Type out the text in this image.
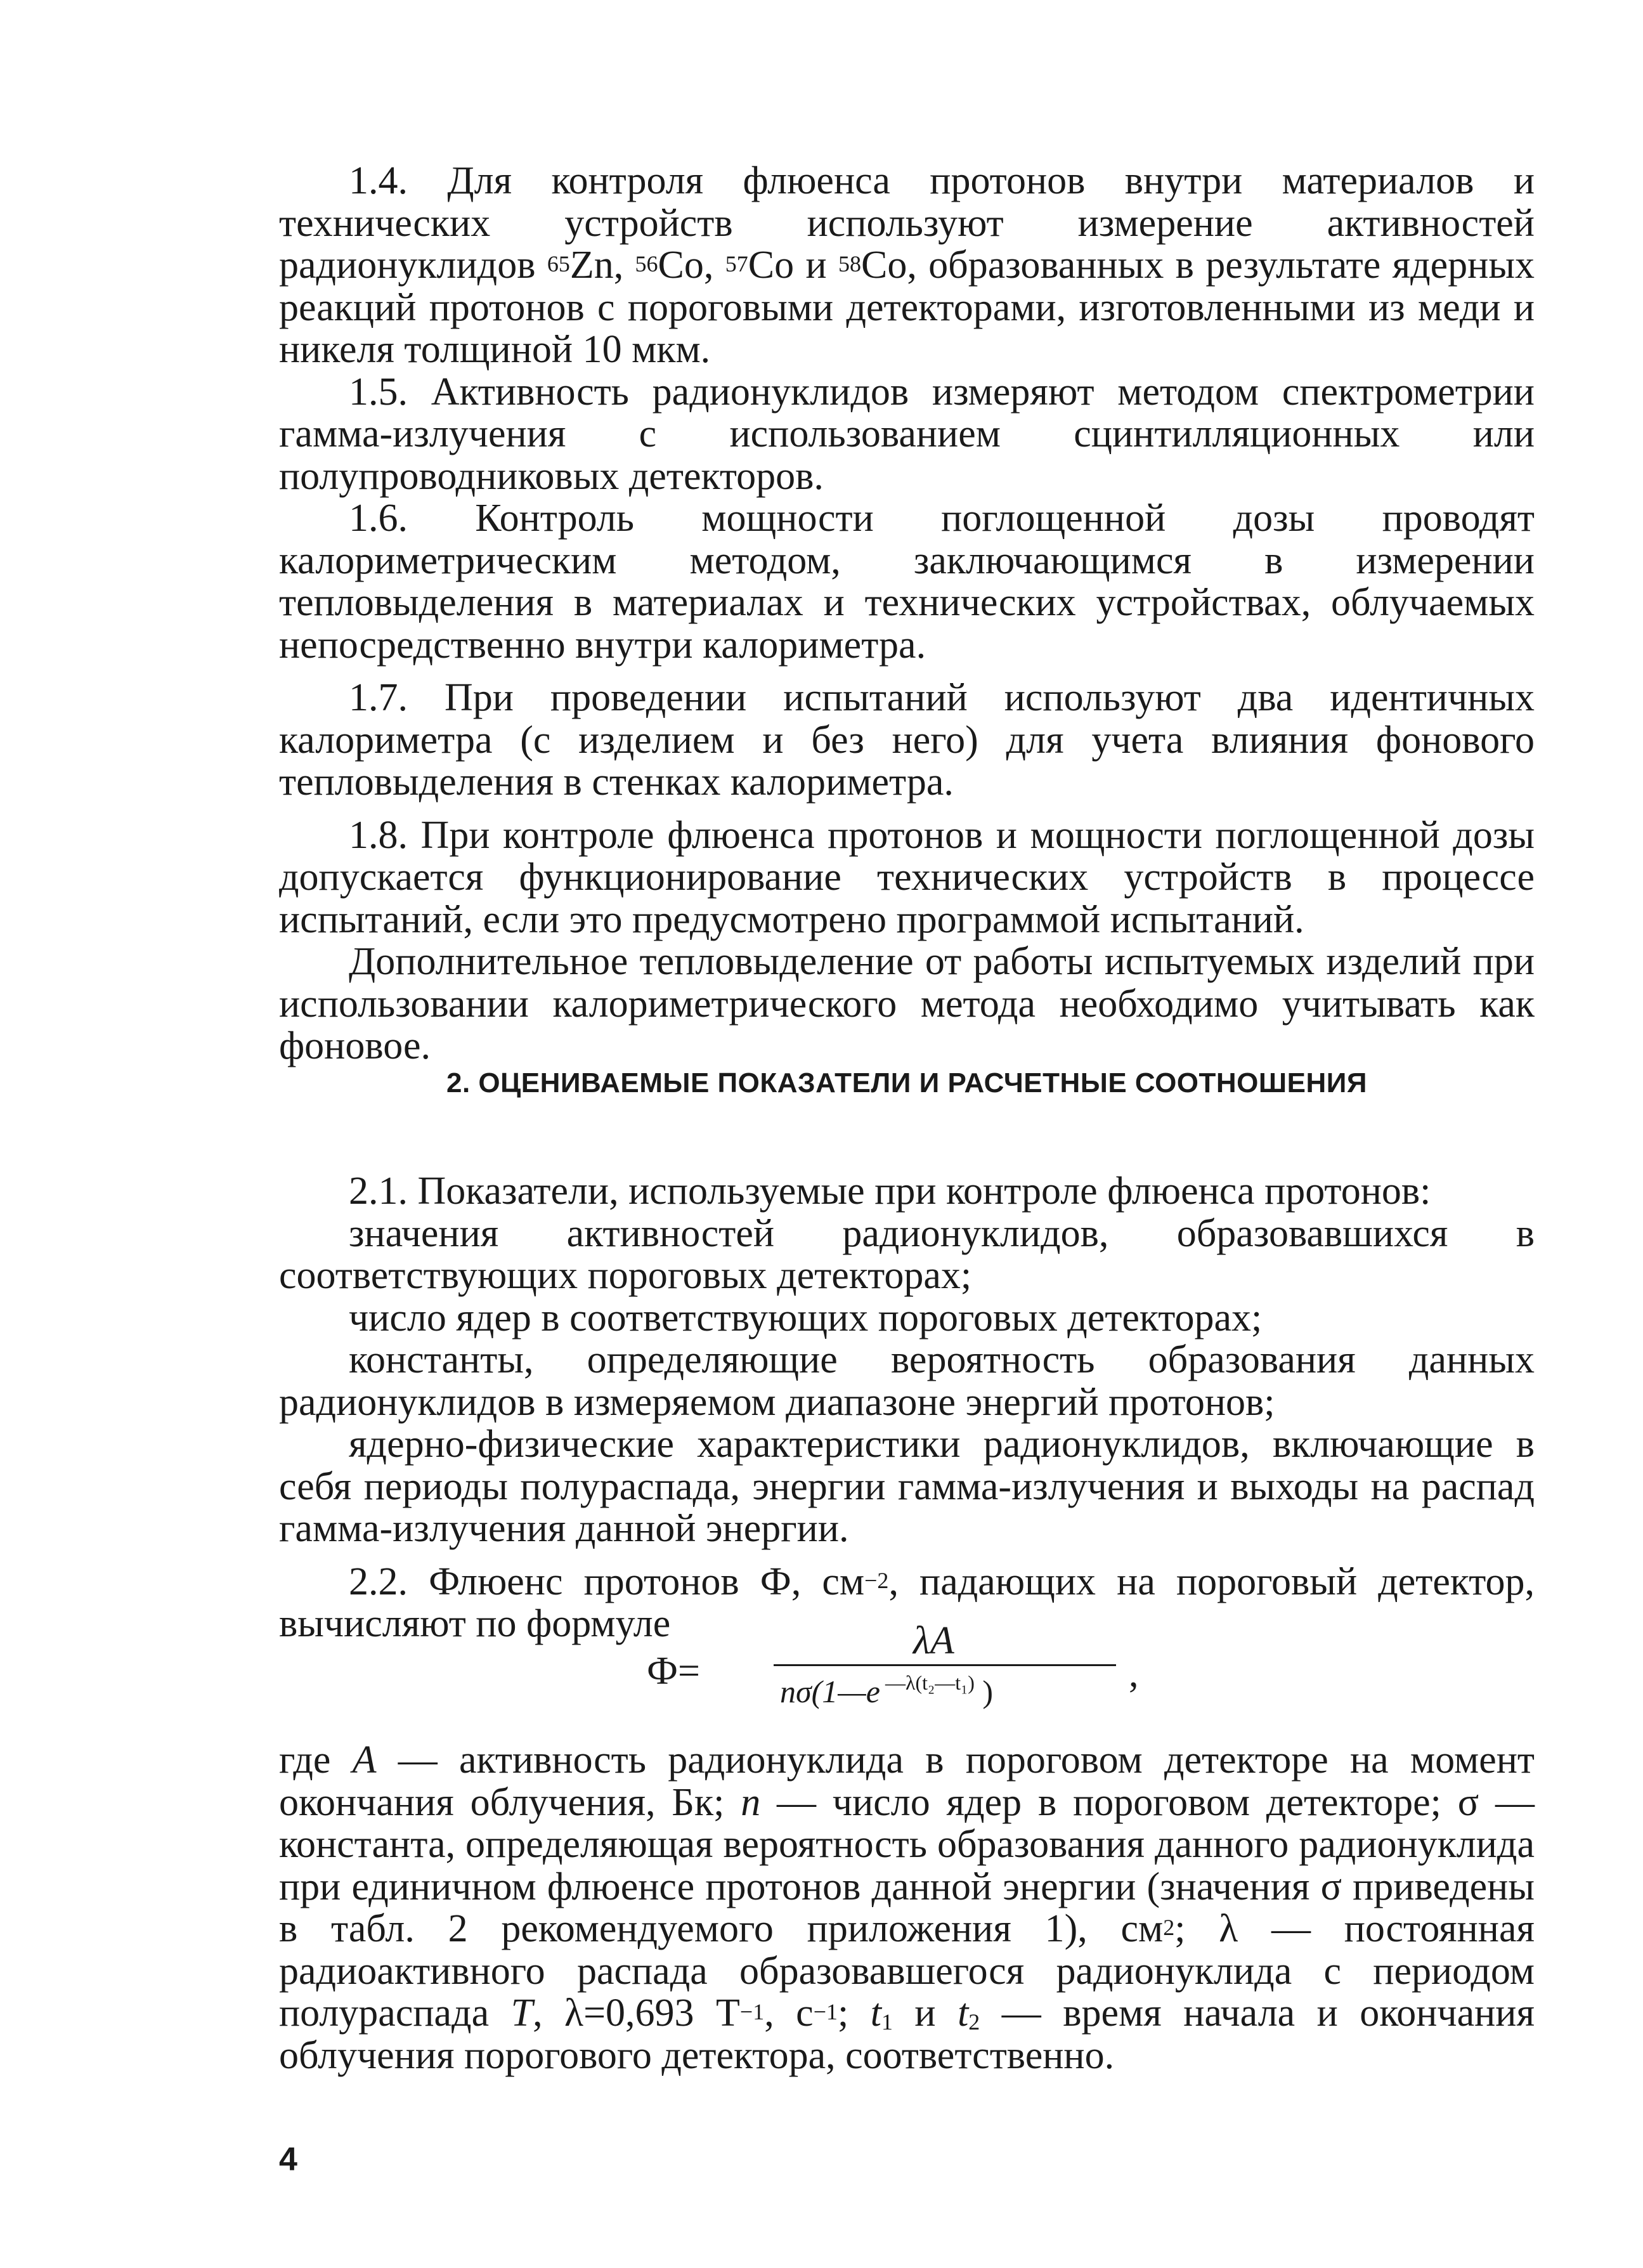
1.4. Для контроля флюенса протонов внутри материалов и технических устройств используют измерение активностей радионуклидов $^{65}$Zn, $^{56}$Co, $^{57}$Co и $^{58}$Co, образованных в результате ядерных реакций протонов с пороговыми детекторами, изготовленными из меди и никеля толщиной 10 мкм.

1.5. Активность радионуклидов измеряют методом спектрометрии гамма-излучения с использованием сцинтилляционных или полупроводниковых детекторов.

1.6. Контроль мощности поглощенной дозы проводят калориметрическим методом, заключающимся в измерении тепловыделения в материалах и технических устройствах, облучаемых непосредственно внутри калориметра.

1.7. При проведении испытаний используют два идентичных калориметра (с изделием и без него) для учета влияния фонового тепловыделения в стенках калориметра.

1.8. При контроле флюенса протонов и мощности поглощенной дозы допускается функционирование технических устройств в процессе испытаний, если это предусмотрено программой испытаний.

Дополнительное тепловыделение от работы испытуемых изделий при использовании калориметрического метода необходимо учитывать как фоновое.

2. ОЦЕНИВАЕМЫЕ ПОКАЗАТЕЛИ И РАСЧЕТНЫЕ СООТНОШЕНИЯ

2.1. Показатели, используемые при контроле флюенса протонов:

значения активностей радионуклидов, образовавшихся в соответствующих пороговых детекторах;

число ядер в соответствующих пороговых детекторах;

константы, определяющие вероятность образования данных радионуклидов в измеряемом диапазоне энергий протонов;

ядерно-физические характеристики радионуклидов, включающие в себя периоды полураспада, энергии гамма-излучения и выходы на распад гамма-излучения данной энергии.

2.2. Флюенс протонов Ф, $см^{-2}$, падающих на пороговый детектор, вычисляют по формуле

Ф=
λA
nσ(1—e $^{—\lambda(t_2—t_1)}$ )	,

где A — активность радионуклида в пороговом детекторе на момент окончания облучения, Бк; n — число ядер в пороговом детекторе; σ — константа, определяющая вероятность образования данного радионуклида при единичном флюенсе протонов данной энергии (значения σ приведены в табл. 2 рекомендуемого приложения 1), $см^2$; λ — постоянная радиоактивного распада образовавшегося радионуклида с периодом полураспада T, λ=0,693 $T^{-1}$, $с^{-1}$; $t_1$ и $t_2$ — время начала и окончания облучения порогового детектора, соответственно.

4
